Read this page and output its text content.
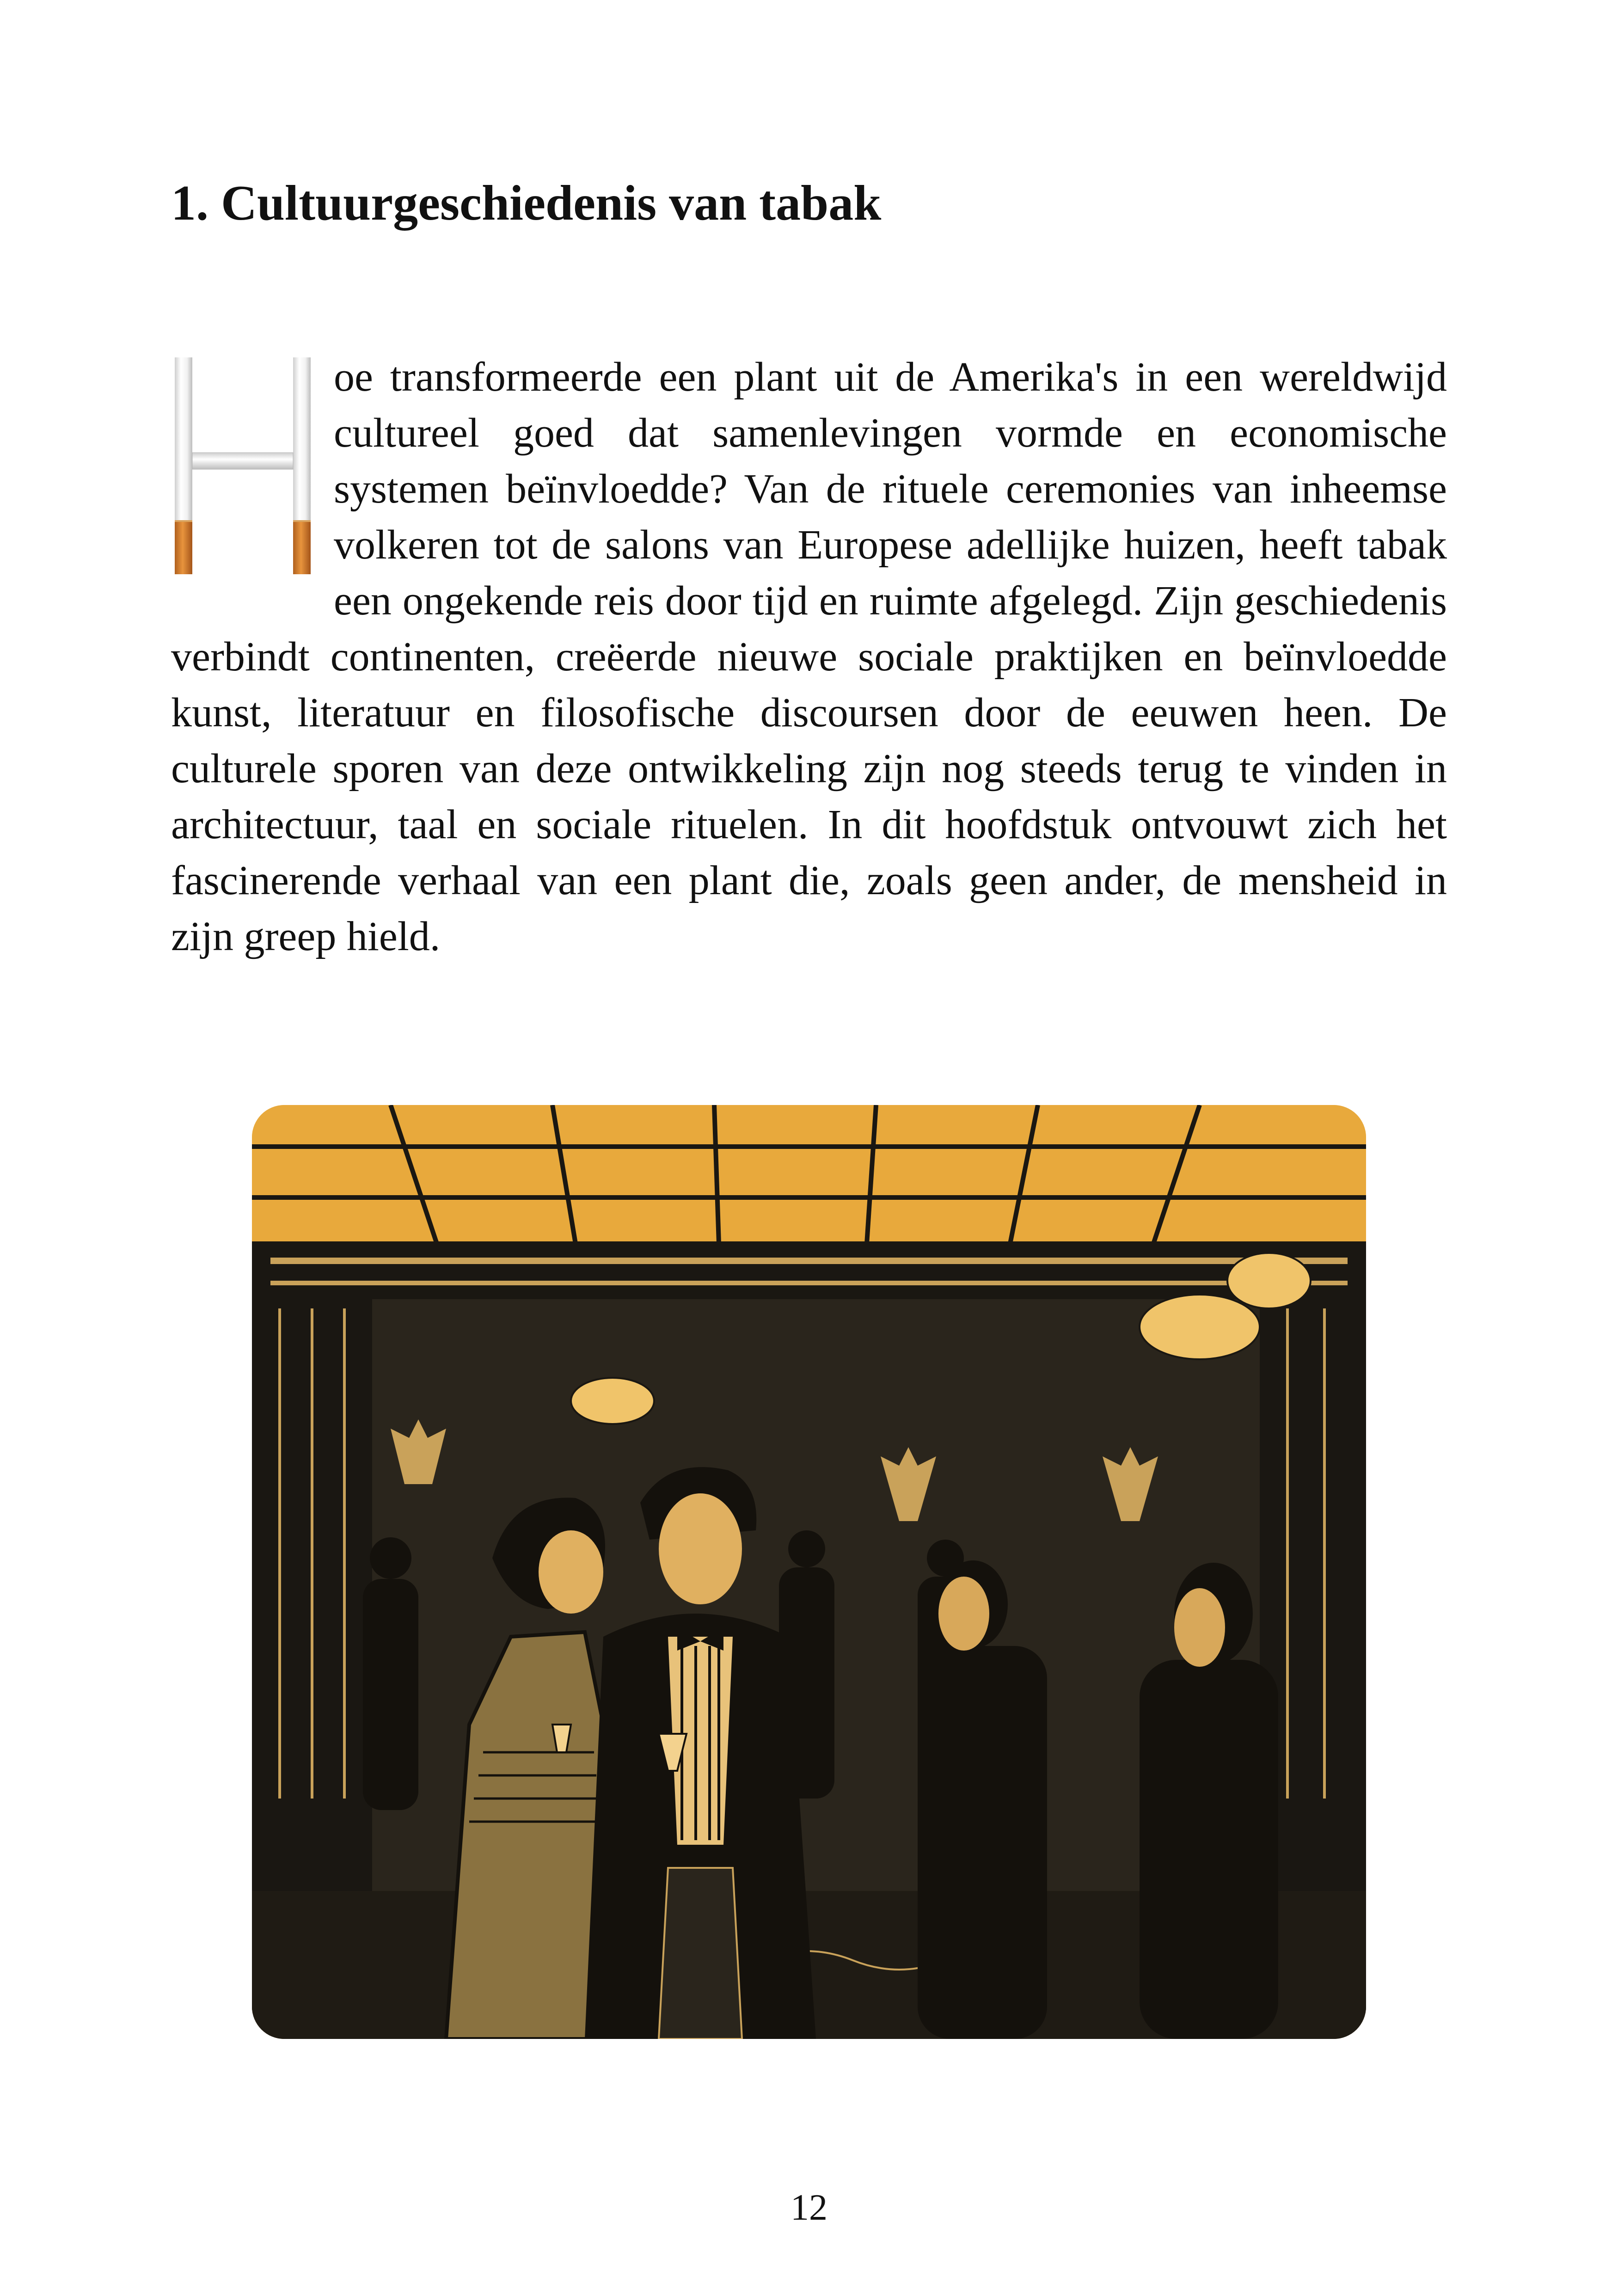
1. Cultuurgeschiedenis van tabak

oe transformeerde een plant uit de Amerika's in een wereldwijd cultureel goed dat samenlevingen vormde en economische systemen beïnvloedde? Van de rituele ceremonies van inheemse volkeren tot de salons van Europese adellijke huizen, heeft tabak een ongekende reis door tijd en ruimte afgelegd. Zijn geschiedenis verbindt continenten, creëerde nieuwe sociale praktijken en beïnvloedde kunst, literatuur en filosofische discoursen door de eeuwen heen. De culturele sporen van deze ontwikkeling zijn nog steeds terug te vinden in architectuur, taal en sociale rituelen. In dit hoofdstuk ontvouwt zich het fascinerende verhaal van een plant die, zoals geen ander, de mensheid in zijn greep hield.

12
